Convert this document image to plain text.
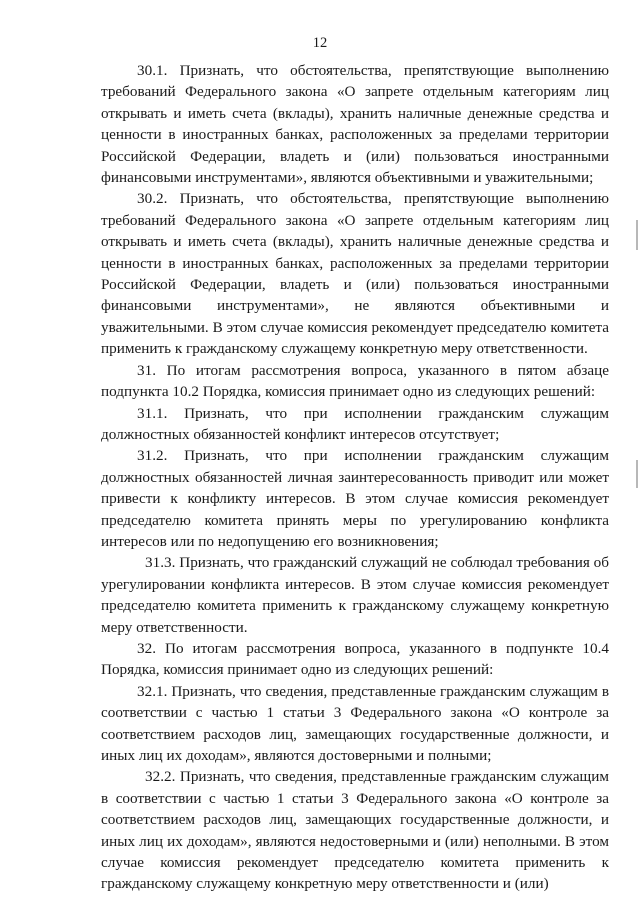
12

30.1. Признать, что обстоятельства, препятствующие выполнению требований Федерального закона «О запрете отдельным категориям лиц открывать и иметь счета (вклады), хранить наличные денежные средства и ценности в иностранных банках, расположенных за пределами территории Российской Федерации, владеть и (или) пользоваться иностранными финансовыми инструментами», являются объективными и уважительными;

30.2. Признать, что обстоятельства, препятствующие выполнению требований Федерального закона «О запрете отдельным категориям лиц открывать и иметь счета (вклады), хранить наличные денежные средства и ценности в иностранных банках, расположенных за пределами территории Российской Федерации, владеть и (или) пользоваться иностранными финансовыми инструментами», не являются объективными и уважительными. В этом случае комиссия рекомендует председателю комитета применить к гражданскому служащему конкретную меру ответственности.

31. По итогам рассмотрения вопроса, указанного в пятом абзаце подпункта 10.2 Порядка, комиссия принимает одно из следующих решений:

31.1. Признать, что при исполнении гражданским служащим должностных обязанностей конфликт интересов отсутствует;

31.2. Признать, что при исполнении гражданским служащим должностных обязанностей личная заинтересованность приводит или может привести к конфликту интересов. В этом случае комиссия рекомендует председателю комитета принять меры по урегулированию конфликта интересов или по недопущению его возникновения;

31.3. Признать, что гражданский служащий не соблюдал требования об урегулировании конфликта интересов. В этом случае комиссия рекомендует председателю комитета применить к гражданскому служащему конкретную меру ответственности.

32. По итогам рассмотрения вопроса, указанного в подпункте 10.4 Порядка, комиссия принимает одно из следующих решений:

32.1. Признать, что сведения, представленные гражданским служащим в соответствии с частью 1 статьи 3 Федерального закона «О контроле за соответствием расходов лиц, замещающих государственные должности, и иных лиц их доходам», являются достоверными и полными;

32.2. Признать, что сведения, представленные гражданским служащим в соответствии с частью 1 статьи 3 Федерального закона «О контроле за соответствием расходов лиц, замещающих государственные должности, и иных лиц их доходам», являются недостоверными и (или) неполными. В этом случае комиссия рекомендует председателю комитета применить к гражданскому служащему конкретную меру ответственности и (или)
